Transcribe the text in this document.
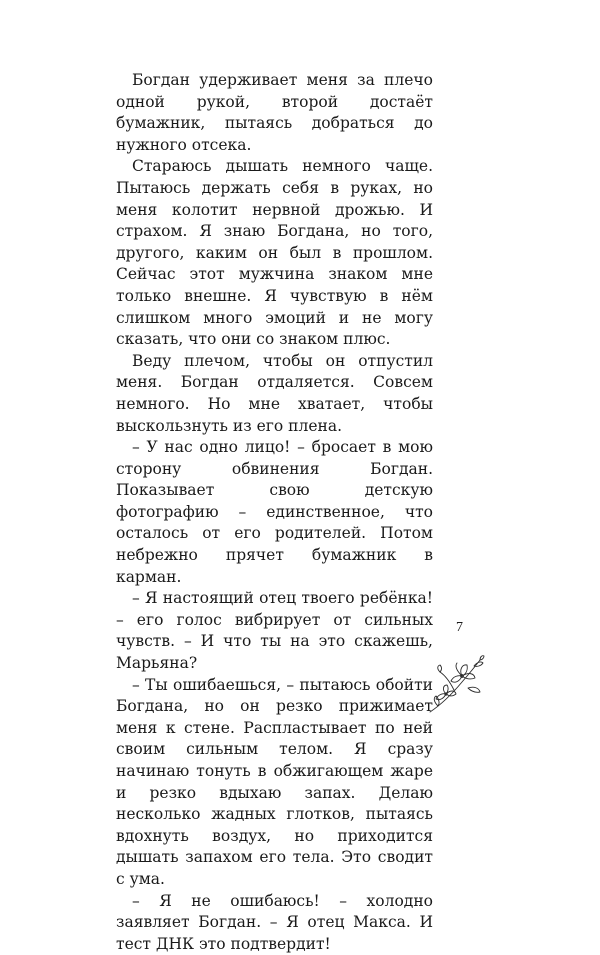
Богдан удерживает меня за плечо одной рукой, второй достаёт бумажник, пытаясь добраться до нужного отсека.

Стараюсь дышать немного чаще. Пытаюсь держать себя в руках, но меня колотит нервной дрожью. И страхом. Я знаю Богдана, но того, другого, каким он был в прошлом. Сейчас этот мужчина знаком мне только внешне. Я чувствую в нём слишком много эмоций и не могу сказать, что они со знаком плюс.

Веду плечом, чтобы он отпустил меня. Богдан отдаляется. Совсем немного. Но мне хватает, чтобы выскользнуть из его плена.

– У нас одно лицо! – бросает в мою сторону обвинения Богдан. Показывает свою детскую фотографию – единственное, что осталось от его родителей. Потом небрежно прячет бумажник в карман.

– Я настоящий отец твоего ребёнка! – его голос вибрирует от сильных чувств. – И что ты на это скажешь, Марьяна?

– Ты ошибаешься, – пытаюсь обойти Богдана, но он резко прижимает меня к стене. Распластывает по ней своим сильным телом. Я сразу начинаю тонуть в обжигающем жаре и резко вдыхаю запах. Делаю несколько жадных глотков, пытаясь вдохнуть воздух, но приходится дышать запахом его тела. Это сводит с ума.

– Я не ошибаюсь! – холодно заявляет Богдан. – Я отец Макса. И тест ДНК это подтвердит!

7
